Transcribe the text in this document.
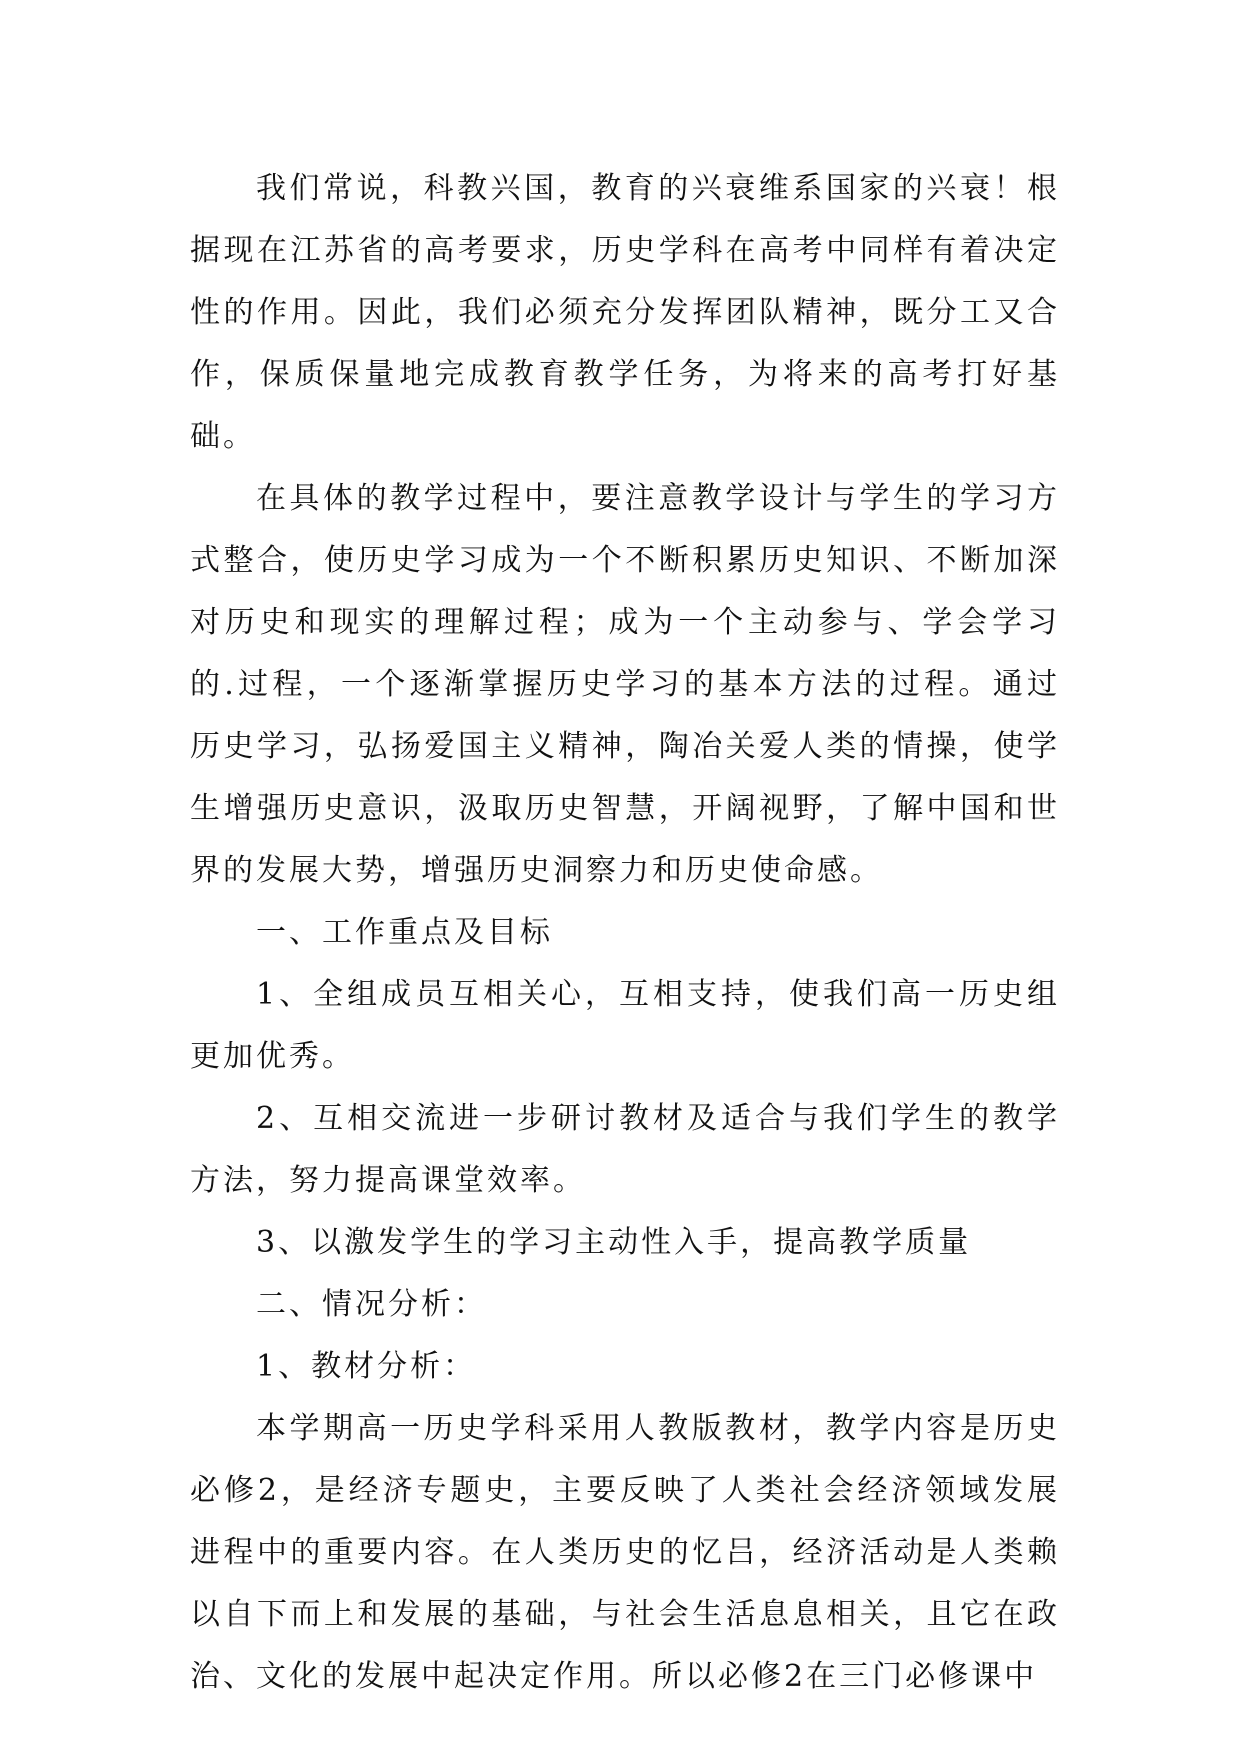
我们常说，科教兴国，教育的兴衰维系国家的兴衰！根据现在江苏省的高考要求，历史学科在高考中同样有着决定性的作用。因此，我们必须充分发挥团队精神，既分工又合作，保质保量地完成教育教学任务，为将来的高考打好基础。

在具体的教学过程中，要注意教学设计与学生的学习方式整合，使历史学习成为一个不断积累历史知识、不断加深对历史和现实的理解过程；成为一个主动参与、学会学习的.过程，一个逐渐掌握历史学习的基本方法的过程。通过历史学习，弘扬爱国主义精神，陶冶关爱人类的情操，使学生增强历史意识，汲取历史智慧，开阔视野，了解中国和世界的发展大势，增强历史洞察力和历史使命感。

一、工作重点及目标

1、全组成员互相关心，互相支持，使我们高一历史组更加优秀。

2、互相交流进一步研讨教材及适合与我们学生的教学方法，努力提高课堂效率。

3、以激发学生的学习主动性入手，提高教学质量

二、情况分析：

1、教材分析：

本学期高一历史学科采用人教版教材，教学内容是历史必修2，是经济专题史，主要反映了人类社会经济领域发展进程中的重要内容。在人类历史的忆吕，经济活动是人类赖以自下而上和发展的基础，与社会生活息息相关，且它在政治、文化的发展中起决定作用。所以必修2在三门必修课中
